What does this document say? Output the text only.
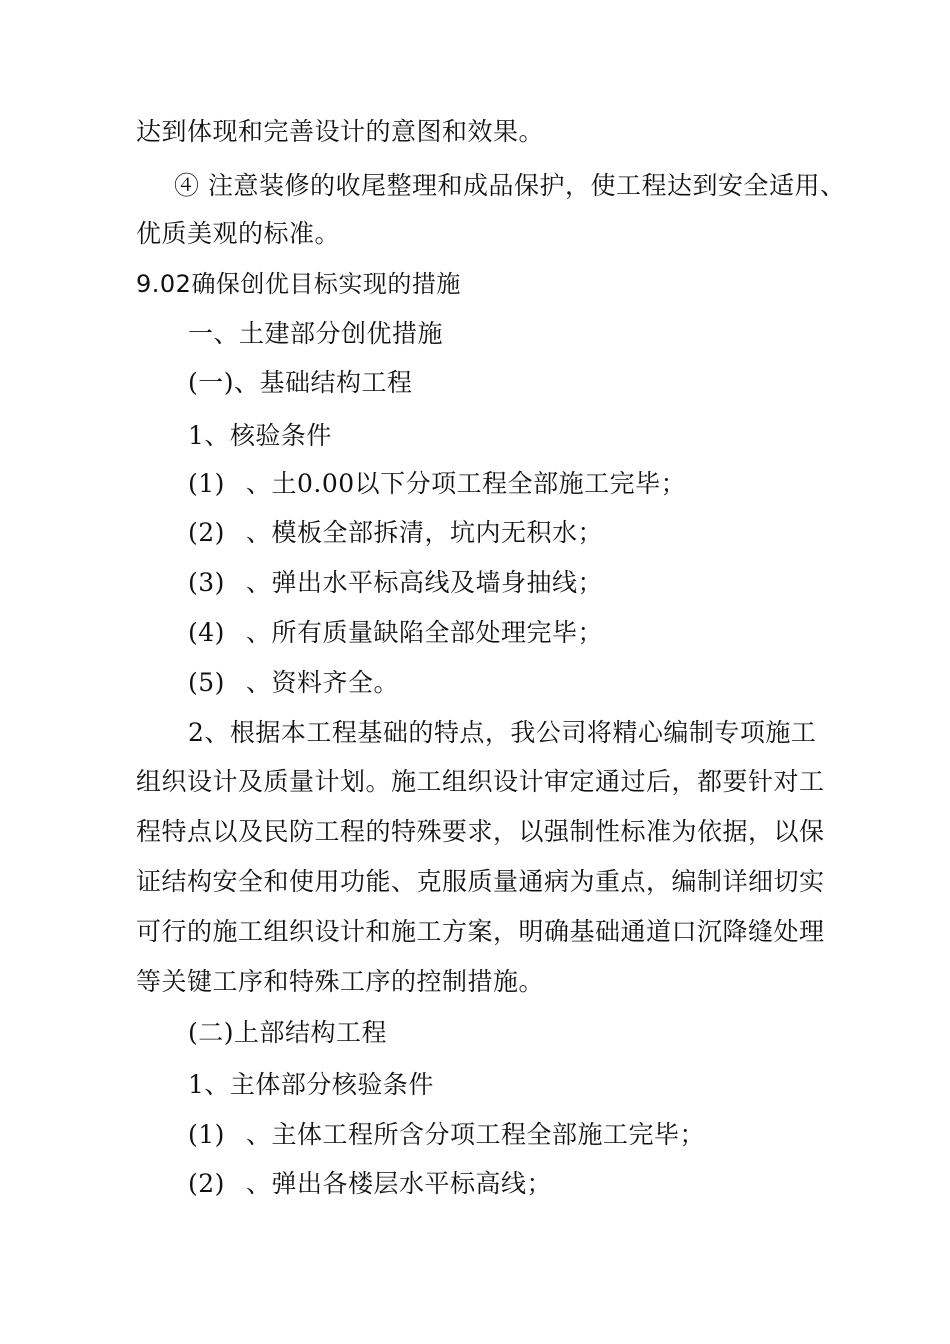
达到体现和完善设计的意图和效果。
④ 注意装修的收尾整理和成品保护，使工程达到安全适用、
优质美观的标准。
9.02确保创优目标实现的措施
一、土建部分创优措施
(一)、基础结构工程
1、核验条件
(1) 、土0.00以下分项工程全部施工完毕；
(2) 、模板全部拆清，坑内无积水；
(3) 、弹出水平标高线及墙身抽线；
(4) 、所有质量缺陷全部处理完毕；
(5) 、资料齐全。
2、根据本工程基础的特点，我公司将精心编制专项施工
组织设计及质量计划。施工组织设计审定通过后，都要针对工
程特点以及民防工程的特殊要求，以强制性标准为依据，以保
证结构安全和使用功能、克服质量通病为重点，编制详细切实
可行的施工组织设计和施工方案，明确基础通道口沉降缝处理
等关键工序和特殊工序的控制措施。
(二)上部结构工程
1、主体部分核验条件
(1) 、主体工程所含分项工程全部施工完毕；
(2) 、弹出各楼层水平标高线；
